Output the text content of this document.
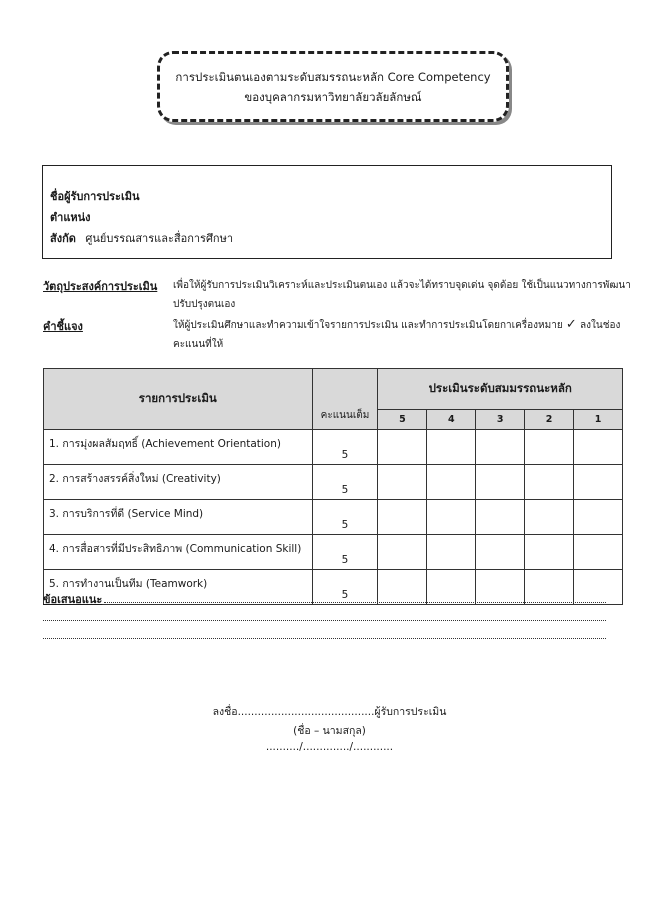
การประเมินตนเองตามระดับสมรรถนะหลัก Core Competency
ของบุคลากรมหาวิทยาลัยวลัยลักษณ์
ชื่อผู้รับการประเมิน
ตำแหน่ง
สังกัด ศูนย์บรรณสารและสื่อการศึกษา
วัตถุประสงค์การประเมิน เพื่อให้ผู้รับการประเมินวิเคราะห์และประเมินตนเอง แล้วจะได้ทราบจุดเด่น จุดด้อย ใช้เป็นแนวทางการพัฒนา
ปรับปรุงตนเอง
คำชี้แจง	ให้ผู้ประเมินศึกษาและทำความเข้าใจรายการประเมิน และทำการประเมินโดยกาเครื่องหมาย ✓ ลงในช่อง
คะแนนที่ให้
รายการประเมิน	คะแนนเต็ม	ประเมินระดับสมมรรถนะหลัก				
		5	4	3	2	1
1. การมุ่งผลสัมฤทธิ์ (Achievement Orientation)	5					
2. การสร้างสรรค์สิ่งใหม่ (Creativity)	5					
3. การบริการที่ดี (Service Mind)	5					
4. การสื่อสารที่มีประสิทธิภาพ (Communication Skill)	5					
5. การทำงานเป็นทีม (Teamwork)	5					
ข้อเสนอแนะ
ลงชื่อ.........................................ผู้รับการประเมิน
(ชื่อ – นามสกุล)
........../............../............
